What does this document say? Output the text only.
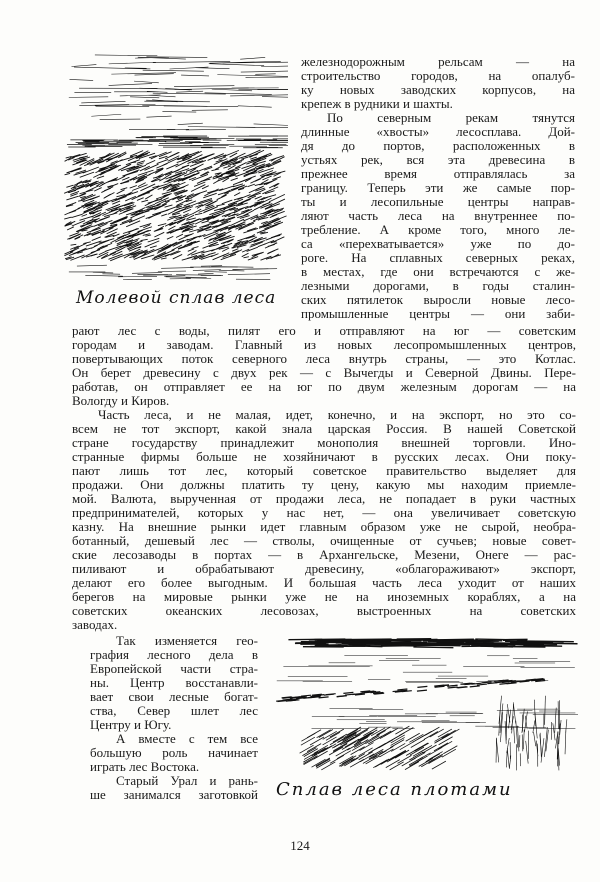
Молевой сплав леса
железнодорожным рельсам — на
строительство городов, на опалуб-
ку новых заводских корпусов, на
крепеж в рудники и шахты.
По северным рекам тянутся
длинные «хвосты» лесосплава. Дой-
дя до портов, расположенных в
устьях рек, вся эта древесина в
прежнее время отправлялась за
границу. Теперь эти же самые пор-
ты и лесопильные центры направ-
ляют часть леса на внутреннее по-
требление. А кроме того, много ле-
са «перехватывается» уже по до-
роге. На сплавных северных реках,
в местах, где они встречаются с же-
лезными дорогами, в годы сталин-
ских пятилеток выросли новые лесо-
промышленные центры — они заби-
рают лес с воды, пилят его и отправляют на юг — советским
городам и заводам. Главный из новых лесопромышленных центров,
повертывающих поток северного леса внутрь страны, — это Котлас.
Он берет древесину с двух рек — с Вычегды и Северной Двины. Пере-
работав, он отправляет ее на юг по двум железным дорогам — на
Вологду и Киров.
Часть леса, и не малая, идет, конечно, и на экспорт, но это со-
всем не тот экспорт, какой знала царская Россия. В нашей Советской
стране государству принадлежит монополия внешней торговли. Ино-
странные фирмы больше не хозяйничают в русских лесах. Они поку-
пают лишь тот лес, который советское правительство выделяет для
продажи. Они должны платить ту цену, какую мы находим приемле-
мой. Валюта, вырученная от продажи леса, не попадает в руки частных
предпринимателей, которых у нас нет, — она увеличивает советскую
казну. На внешние рынки идет главным образом уже не сырой, необра-
ботанный, дешевый лес — стволы, очищенные от сучьев; новые совет-
ские лесозаводы в портах — в Архангельске, Мезени, Онеге — рас-
пиливают и обрабатывают древесину, «облагораживают» экспорт,
делают его более выгодным. И большая часть леса уходит от наших
берегов на мировые рынки уже не на иноземных кораблях, а на
советских океанских лесовозах, выстроенных на советских
заводах.
Так изменяется гео-
графия лесного дела в
Европейской части стра-
ны. Центр восстанавли-
вает свои лесные богат-
ства, Север шлет лес
Центру и Югу.
А вместе с тем все
большую роль начинает
играть лес Востока.
Старый Урал и рань-
ше занимался заготовкой Сплав леса плотами
124
